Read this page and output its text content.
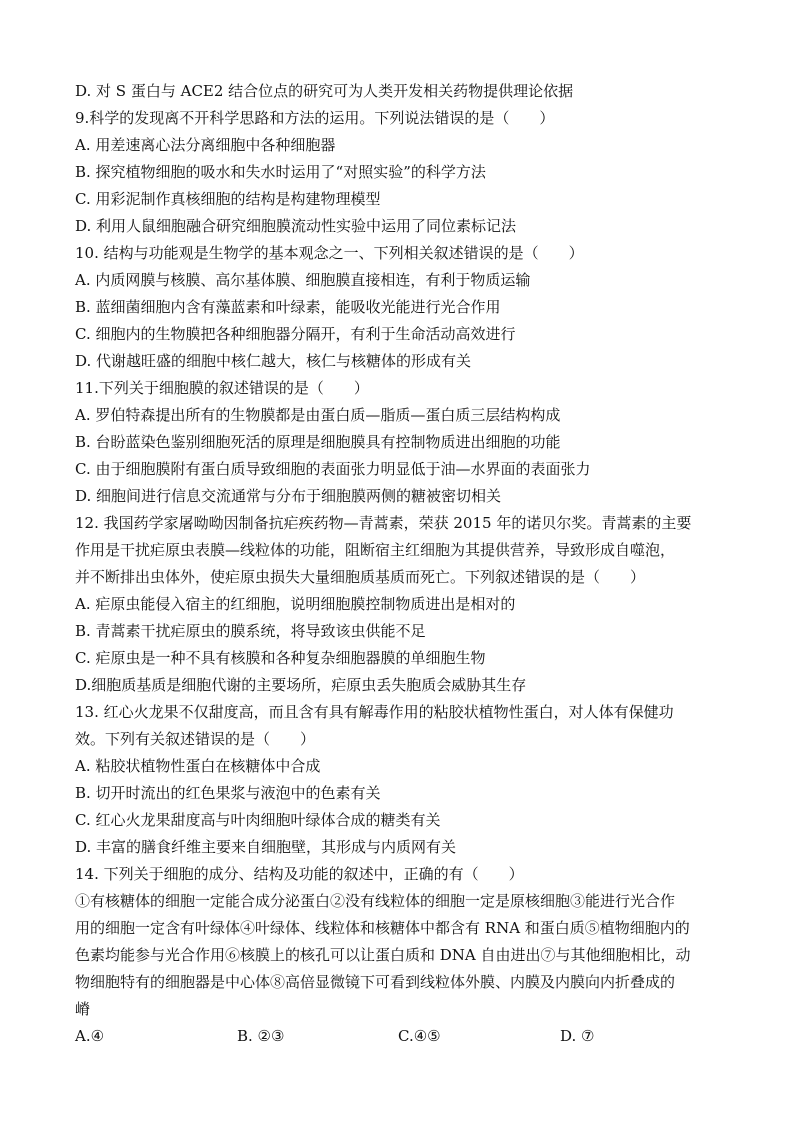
D. 对 S 蛋白与 ACE2 结合位点的研究可为人类开发相关药物提供理论依据
9.科学的发现离不开科学思路和方法的运用。下列说法错误的是（　　）
A. 用差速离心法分离细胞中各种细胞器
B. 探究植物细胞的吸水和失水时运用了“对照实验”的科学方法
C. 用彩泥制作真核细胞的结构是构建物理模型
D. 利用人鼠细胞融合研究细胞膜流动性实验中运用了同位素标记法
10. 结构与功能观是生物学的基本观念之一、下列相关叙述错误的是（　　）
A. 内质网膜与核膜、高尔基体膜、细胞膜直接相连，有利于物质运输
B. 蓝细菌细胞内含有藻蓝素和叶绿素，能吸收光能进行光合作用
C. 细胞内的生物膜把各种细胞器分隔开，有利于生命活动高效进行
D. 代谢越旺盛的细胞中核仁越大，核仁与核糖体的形成有关
11.下列关于细胞膜的叙述错误的是（　　）
A. 罗伯特森提出所有的生物膜都是由蛋白质—脂质—蛋白质三层结构构成
B. 台盼蓝染色鉴别细胞死活的原理是细胞膜具有控制物质进出细胞的功能
C. 由于细胞膜附有蛋白质导致细胞的表面张力明显低于油—水界面的表面张力
D. 细胞间进行信息交流通常与分布于细胞膜两侧的糖被密切相关
12. 我国药学家屠呦呦因制备抗疟疾药物—青蒿素，荣获 2015 年的诺贝尔奖。青蒿素的主要
作用是干扰疟原虫表膜—线粒体的功能，阻断宿主红细胞为其提供营养，导致形成自噬泡，
并不断排出虫体外，使疟原虫损失大量细胞质基质而死亡。下列叙述错误的是（　　）
A. 疟原虫能侵入宿主的红细胞，说明细胞膜控制物质进出是相对的
B. 青蒿素干扰疟原虫的膜系统，将导致该虫供能不足
C. 疟原虫是一种不具有核膜和各种复杂细胞器膜的单细胞生物
D.细胞质基质是细胞代谢的主要场所，疟原虫丢失胞质会威胁其生存
13. 红心火龙果不仅甜度高，而且含有具有解毒作用的粘胶状植物性蛋白，对人体有保健功
效。下列有关叙述错误的是（　　）
A. 粘胶状植物性蛋白在核糖体中合成
B. 切开时流出的红色果浆与液泡中的色素有关
C. 红心火龙果甜度高与叶肉细胞叶绿体合成的糖类有关
D. 丰富的膳食纤维主要来自细胞壁，其形成与内质网有关
14. 下列关于细胞的成分、结构及功能的叙述中，正确的有（　　）
①有核糖体的细胞一定能合成分泌蛋白②没有线粒体的细胞一定是原核细胞③能进行光合作
用的细胞一定含有叶绿体④叶绿体、线粒体和核糖体中都含有 RNA 和蛋白质⑤植物细胞内的
色素均能参与光合作用⑥核膜上的核孔可以让蛋白质和 DNA 自由进出⑦与其他细胞相比，动
物细胞特有的细胞器是中心体⑧高倍显微镜下可看到线粒体外膜、内膜及内膜向内折叠成的
嵴
A.④	B. ②③	C.④⑤	D. ⑦
